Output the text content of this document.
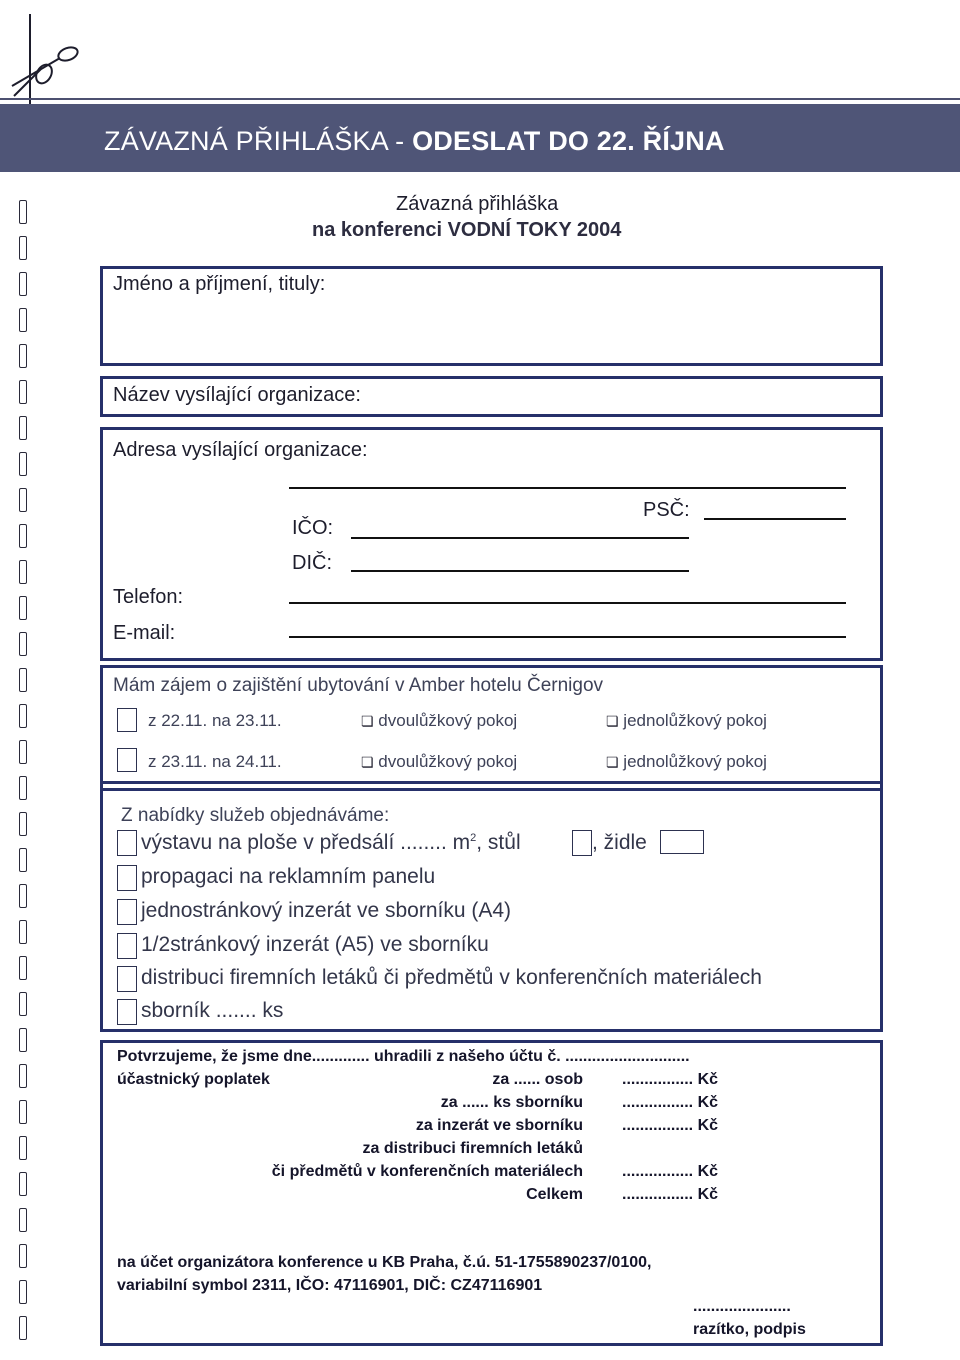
ZÁVAZNÁ PŘIHLÁŠKA - ODESLAT DO 22. ŘÍJNA
Závazná přihláška
na konferenci VODNÍ TOKY 2004
Jméno a příjmení, tituly:
Název vysílající organizace:
Adresa vysílající organizace:
PSČ:
IČO:
DIČ:
Telefon:
E-mail:
Mám zájem o zajištění ubytování v Amber hotelu Černigov
z 22.11. na 23.11.	❏ dvoulůžkový pokoj	❏ jednolůžkový pokoj
z 23.11. na 24.11.	❏ dvoulůžkový pokoj	❏ jednolůžkový pokoj
Z nabídky služeb objednáváme:
výstavu na ploše v předsálí ........ $m^2$, stůl	, židle
propagaci na reklamním panelu
jednostránkový inzerát ve sborníku (A4)
1/2stránkový inzerát (A5) ve sborníku
distribuci firemních letáků či předmětů v konferenčních materiálech
sborník ....... ks
Potvrzujeme, že jsme dne............. uhradili z našeho účtu č. ............................
účastnický poplatek	za ...... osob ................ Kč
za ...... ks sborníku ................ Kč
za inzerát ve sborníku ................ Kč
za distribuci firemních letáků
či předmětů v konferenčních materiálech ................ Kč
Celkem ................ Kč
na účet organizátora konference u KB Praha, č.ú. 51-1755890237/0100,
variabilní symbol 2311, IČO: 47116901, DIČ: CZ47116901
......................
razítko, podpis
